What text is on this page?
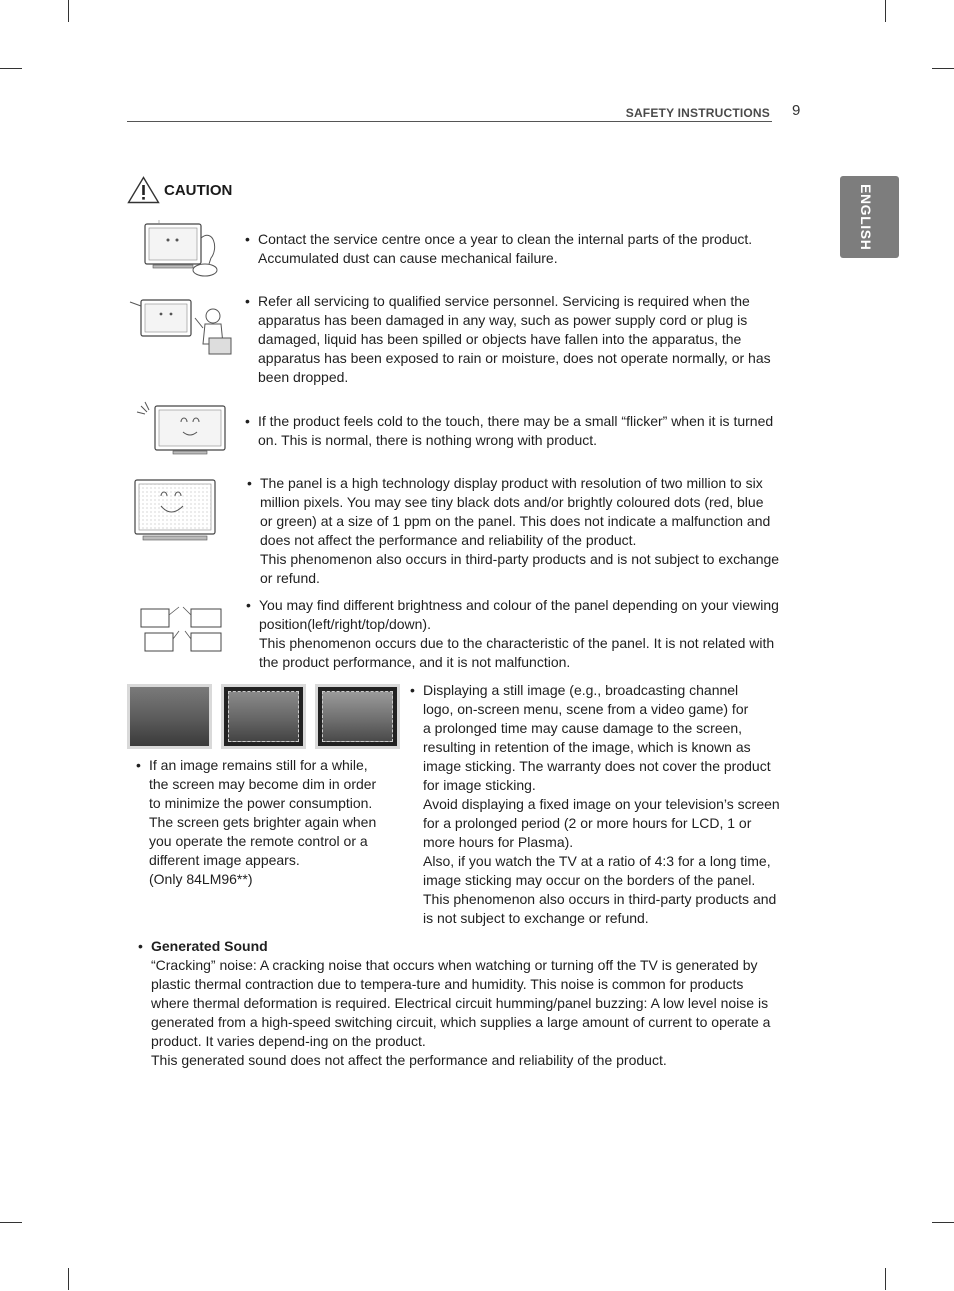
SAFETY INSTRUCTIONS 9
ENGLISH
CAUTION
• Contact the service centre once a year to clean the internal parts of the product.

Accumulated dust can cause mechanical failure.

• Refer all servicing to qualified service personnel. Servicing is required when the

apparatus has been damaged in any way, such as power supply cord or plug is

damaged, liquid has been spilled or objects have fallen into the apparatus, the

apparatus has been exposed to rain or moisture, does not operate normally, or has

been dropped.

• If the product feels cold to the touch, there may be a small “flicker” when it is turned

on. This is normal, there is nothing wrong with product.

• The panel is a high technology display product with resolution of two million to six

million pixels. You may see tiny black dots and/or brightly coloured dots (red, blue

or green) at a size of 1 ppm on the panel. This does not indicate a malfunction and

does not affect the performance and reliability of the product.

This phenomenon also occurs in third-party products and is not subject to exchange

or refund.

• You may find different brightness and colour of the panel depending on your viewing

position(left/right/top/down).

This phenomenon occurs due to the characteristic of the panel. It is not related with

the product performance, and it is not malfunction.

• If an image remains still for a while,

the screen may become dim in order

to minimize the power consumption.

The screen gets brighter again when

you operate the remote control or a

different image appears.

(Only 84LM96**)

• Displaying a still image (e.g., broadcasting channel

logo, on-screen menu, scene from a video game) for

a prolonged time may cause damage to the screen,

resulting in retention of the image, which is known as

image sticking. The warranty does not cover the product

for image sticking.

Avoid displaying a fixed image on your television’s screen

for a prolonged period (2 or more hours for LCD, 1 or

more hours for Plasma).

Also, if you watch the TV at a ratio of 4:3 for a long time,

image sticking may occur on the borders of the panel.

This phenomenon also occurs in third-party products and

is not subject to exchange or refund.

• Generated Sound

“Cracking” noise: A cracking noise that occurs when watching or turning off the TV is generated by

plastic thermal contraction due to tempera-ture and humidity. This noise is common for products

where thermal deformation is required. Electrical circuit humming/panel buzzing: A low level noise is

generated from a high-speed switching circuit, which supplies a large amount of current to operate a

product. It varies depend-ing on the product.

This generated sound does not affect the performance and reliability of the product.
